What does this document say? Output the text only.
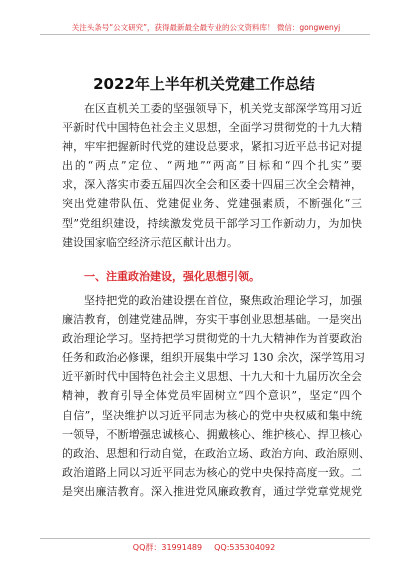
关注头条号“公文研究”，获得最新最全最专业的公文资料库！ 微信：gongwenyj
2022年上半年机关党建工作总结
在区直机关工委的坚强领导下，机关党支部深学笃用习近
平新时代中国特色社会主义思想，全面学习贯彻党的十九大精
神，牢牢把握新时代党的建设总要求，紧扣习近平总书记对提
出的“两点”定位、“两地”“两高”目标和“四个扎实”要
求，深入落实市委五届四次全会和区委十四届三次全会精神，
突出党建带队伍、党建促业务、党建强素质，不断强化“三
型”党组织建设，持续激发党员干部学习工作新动力，为加快
建设国家临空经济示范区献计出力。
一、注重政治建设，强化思想引领。
坚持把党的政治建设摆在首位，聚焦政治理论学习，加强
廉洁教育，创建党建品牌，夯实干事创业思想基础。一是突出
政治理论学习。坚持把学习贯彻党的十九大精神作为首要政治
任务和政治必修课，组织开展集中学习 130 余次，深学笃用习
近平新时代中国特色社会主义思想、十九大和十九届历次全会
精神，教育引导全体党员牢固树立“四个意识”，坚定“四个
自信”，坚决维护以习近平同志为核心的党中央权威和集中统
一领导，不断增强忠诚核心、拥戴核心、维护核心、捍卫核心
的政治、思想和行动自觉，在政治立场、政治方向、政治原则、
政治道路上同以习近平同志为核心的党中央保持高度一致。二
是突出廉洁教育。深入推进党风廉政教育，通过学党章党规党
QQ群：31991489 QQ:535304092
